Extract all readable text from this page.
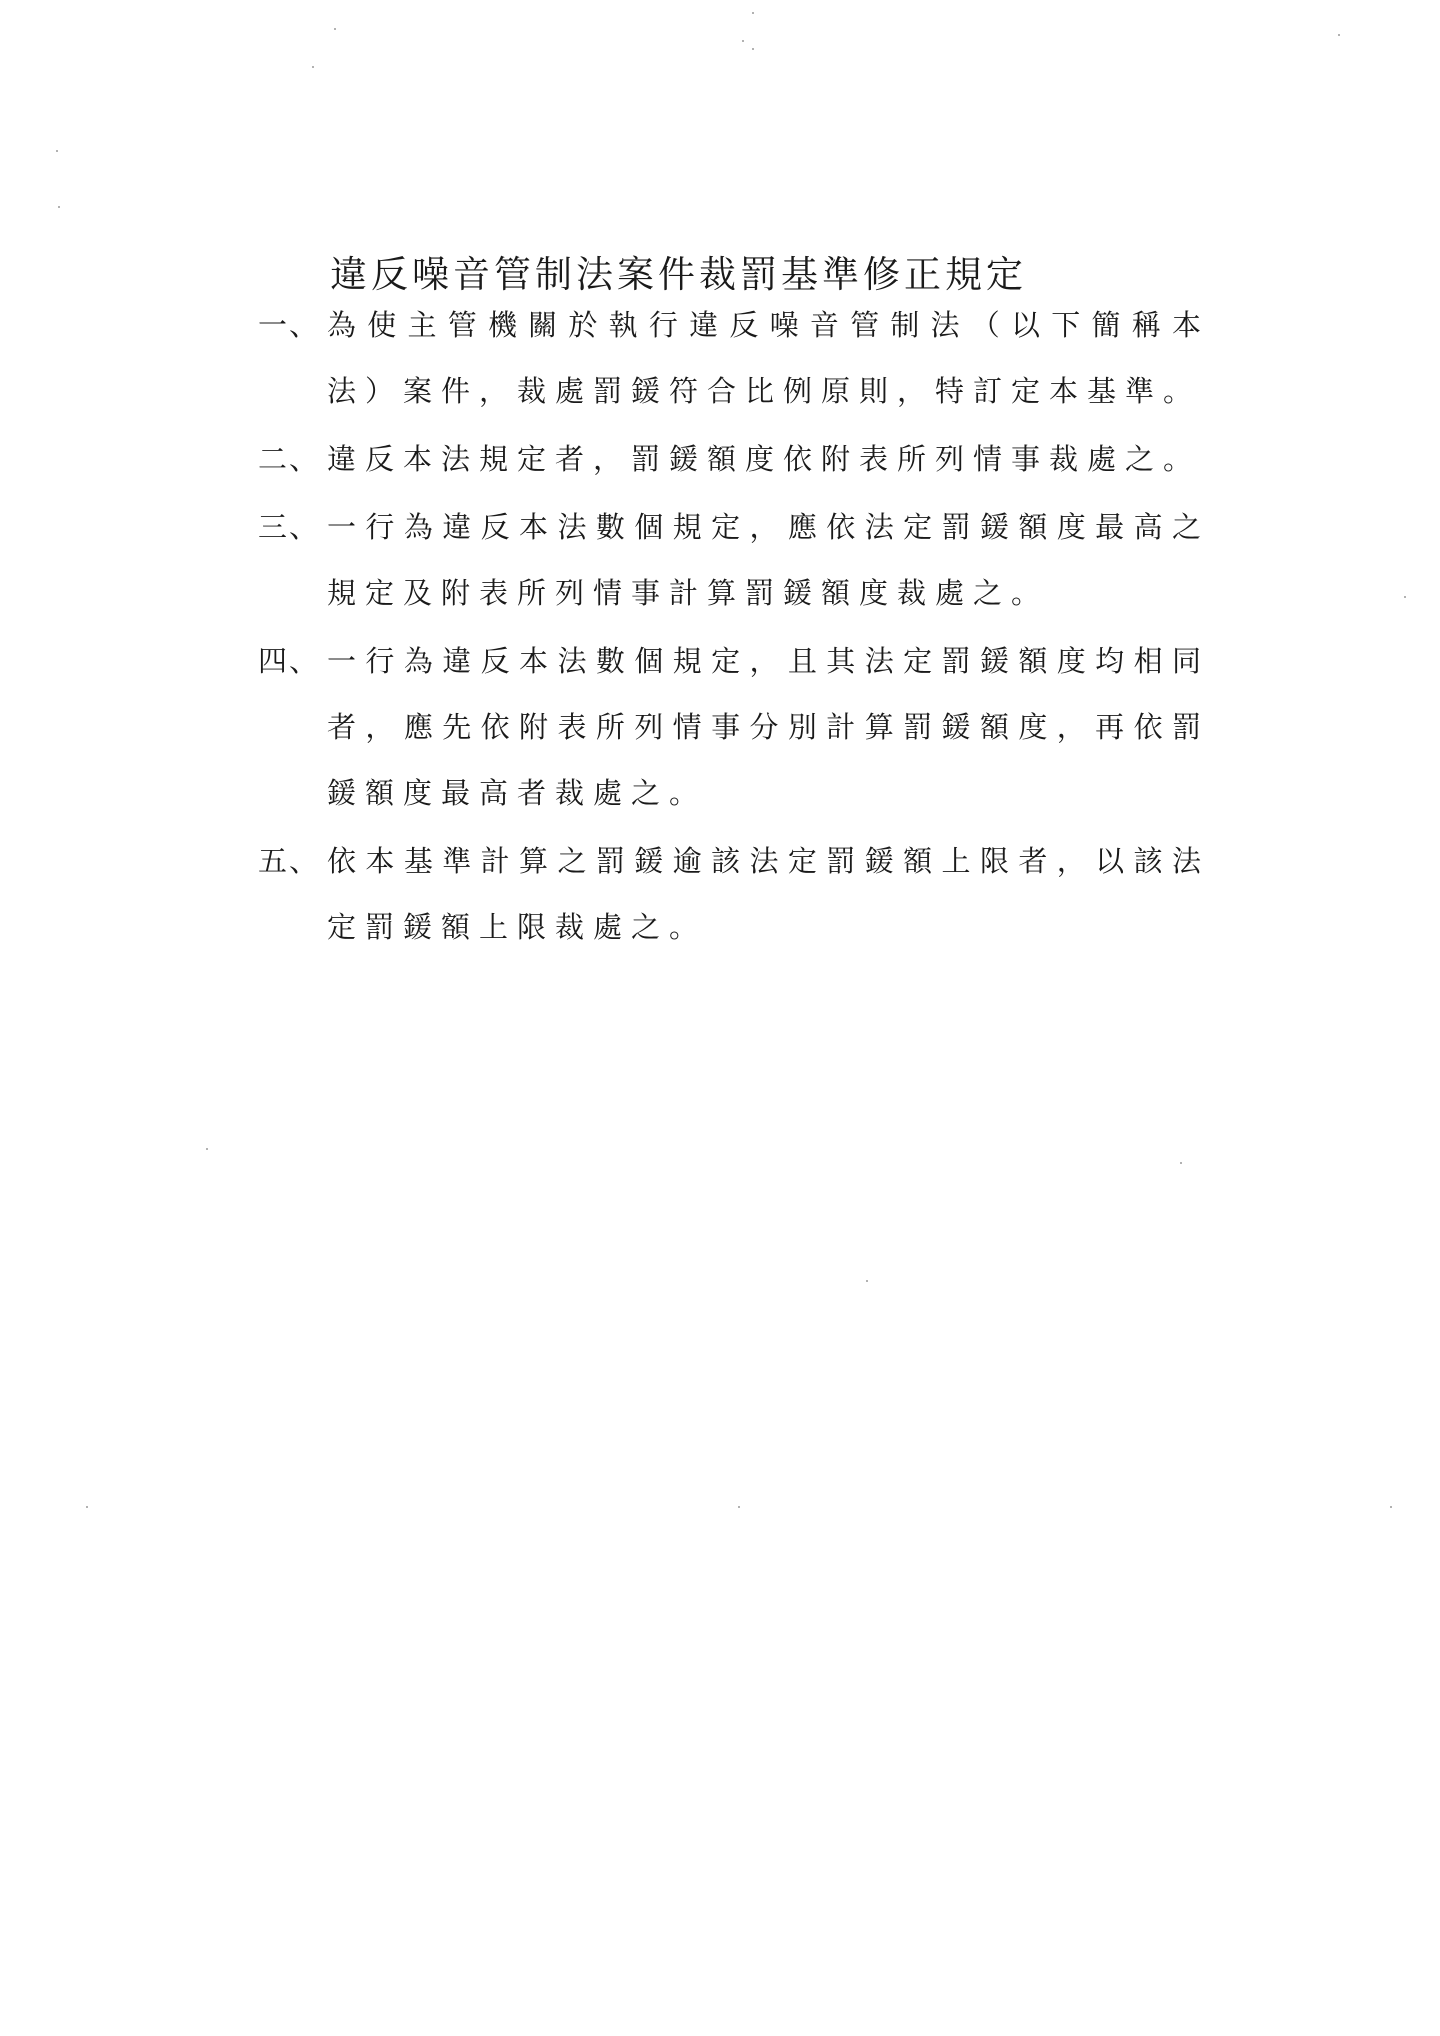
違反噪音管制法案件裁罰基準修正規定

一、 為使主管機關於執行違反噪音管制法（以下簡稱本法）案件，裁處罰鍰符合比例原則，特訂定本基準。

二、 違反本法規定者，罰鍰額度依附表所列情事裁處之。

三、 一行為違反本法數個規定，應依法定罰鍰額度最高之規定及附表所列情事計算罰鍰額度裁處之。

四、 一行為違反本法數個規定，且其法定罰鍰額度均相同者，應先依附表所列情事分別計算罰鍰額度，再依罰鍰額度最高者裁處之。

五、 依本基準計算之罰鍰逾該法定罰鍰額上限者，以該法定罰鍰額上限裁處之。
